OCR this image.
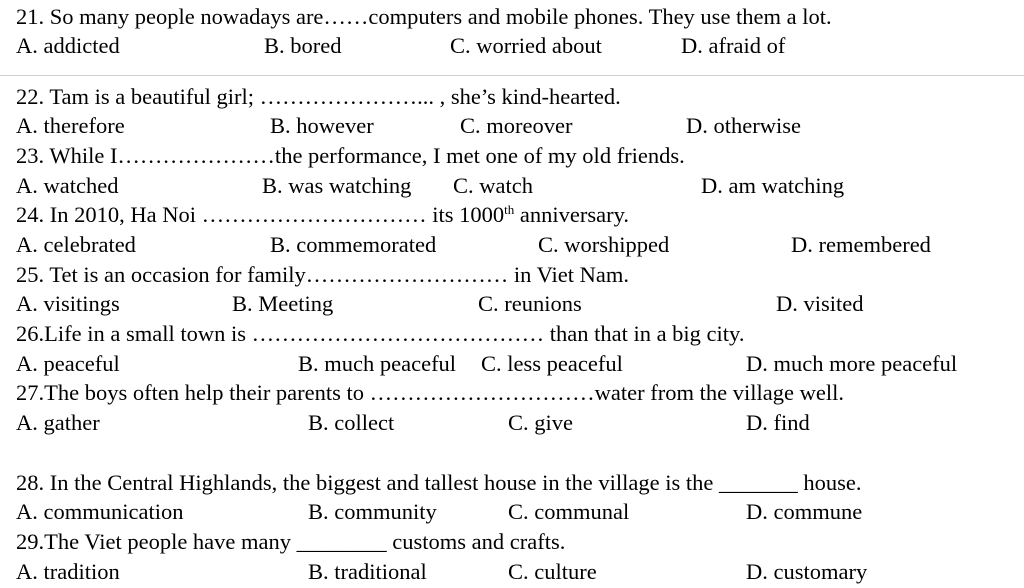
21. So many people nowadays are……computers and mobile phones. They use them a lot.
A. addicted	B. bored	C. worried about	D. afraid of
22. Tam is a beautiful girl; …………………... , she’s kind-hearted.
A. therefore	B. however	C. moreover	D. otherwise
23. While I…………………the performance, I met one of my old friends.
A. watched	B. was watching C. watch	D. am watching
24. In 2010, Ha Noi ………………………… its 1000th anniversary.
A. celebrated	B. commemorated	C. worshipped	D. remembered
25. Tet is an occasion for family……………………… in Viet Nam.
A. visitings	B. Meeting	C. reunions	D. visited
26.Life in a small town is ………………………………… than that in a big city.
A. peaceful	B. much peaceful C. less peaceful	D. much more peaceful
27.The boys often help their parents to …………………………water from the village well.
A. gather	B. collect	C. give	D. find
28. In the Central Highlands, the biggest and tallest house in the village is the _______ house.
A. communication	B. community	C. communal	D. commune
29.The Viet people have many ________ customs and crafts.
A. tradition	B. traditional	C. culture	D. customary
